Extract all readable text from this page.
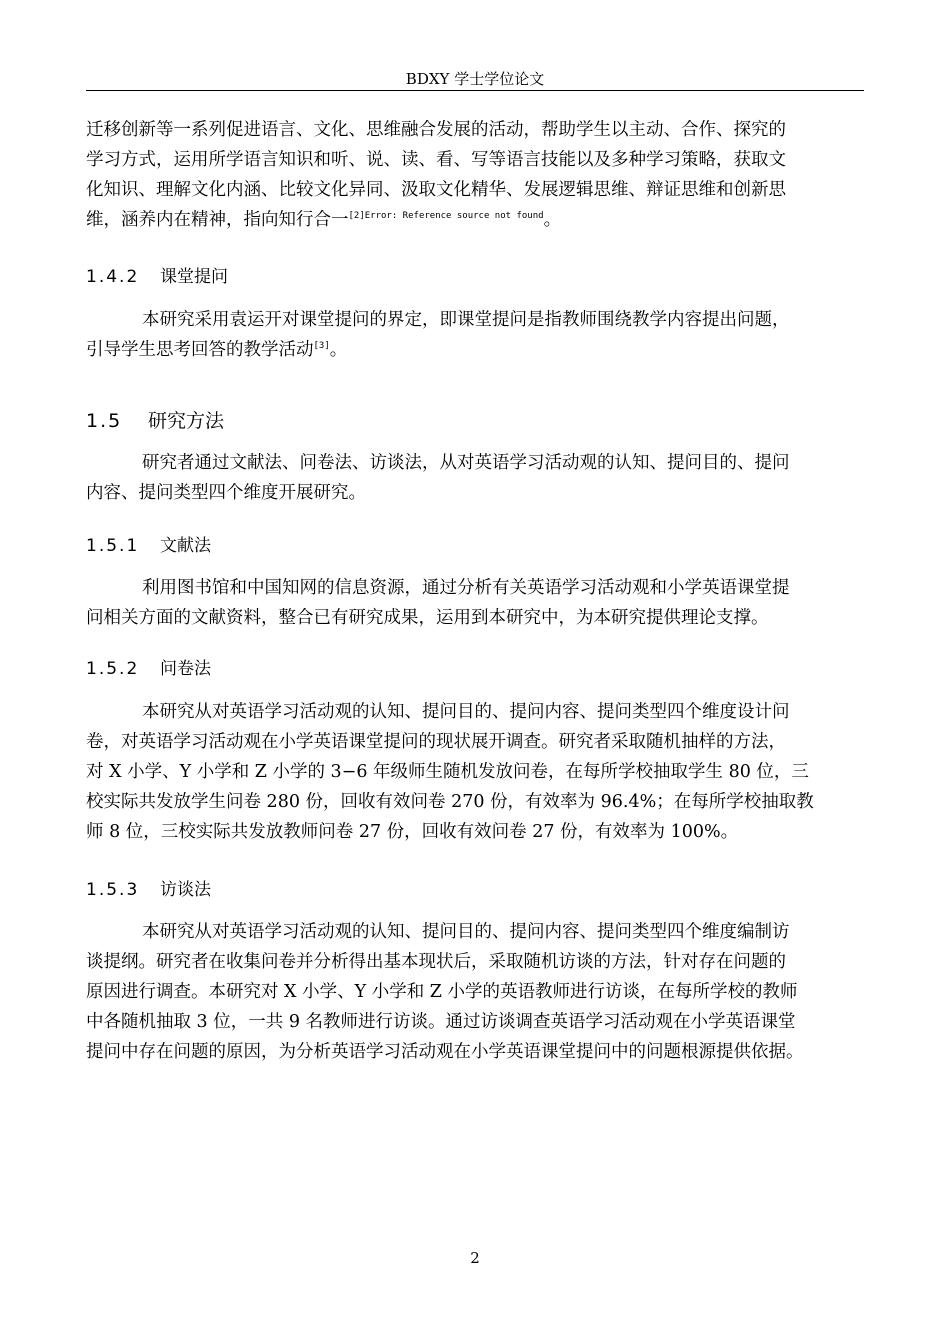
BDXY 学士学位论文
迁移创新等一系列促进语言、文化、思维融合发展的活动，帮助学生以主动、合作、探究的
学习方式，运用所学语言知识和听、说、读、看、写等语言技能以及多种学习策略，获取文
化知识、理解文化内涵、比较文化异同、汲取文化精华、发展逻辑思维、辩证思维和创新思
维，涵养内在精神，指向知行合一$^{[2]Error: Reference source not found}$。
1.4.2 课堂提问
本研究采用袁运开对课堂提问的界定，即课堂提问是指教师围绕教学内容提出问题，
引导学生思考回答的教学活动[3]。
1.5 研究方法
研究者通过文献法、问卷法、访谈法，从对英语学习活动观的认知、提问目的、提问
内容、提问类型四个维度开展研究。
1.5.1 文献法
利用图书馆和中国知网的信息资源，通过分析有关英语学习活动观和小学英语课堂提
问相关方面的文献资料，整合已有研究成果，运用到本研究中，为本研究提供理论支撑。
1.5.2 问卷法
本研究从对英语学习活动观的认知、提问目的、提问内容、提问类型四个维度设计问
卷，对英语学习活动观在小学英语课堂提问的现状展开调查。研究者采取随机抽样的方法，
对 X 小学、Y 小学和 Z 小学的 3−6 年级师生随机发放问卷，在每所学校抽取学生 80 位，三
校实际共发放学生问卷 280 份，回收有效问卷 270 份，有效率为 96.4%；在每所学校抽取教
师 8 位，三校实际共发放教师问卷 27 份，回收有效问卷 27 份，有效率为 100%。
1.5.3 访谈法
本研究从对英语学习活动观的认知、提问目的、提问内容、提问类型四个维度编制访
谈提纲。研究者在收集问卷并分析得出基本现状后，采取随机访谈的方法，针对存在问题的
原因进行调查。本研究对 X 小学、Y 小学和 Z 小学的英语教师进行访谈，在每所学校的教师
中各随机抽取 3 位，一共 9 名教师进行访谈。通过访谈调查英语学习活动观在小学英语课堂
提问中存在问题的原因，为分析英语学习活动观在小学英语课堂提问中的问题根源提供依据。
2
